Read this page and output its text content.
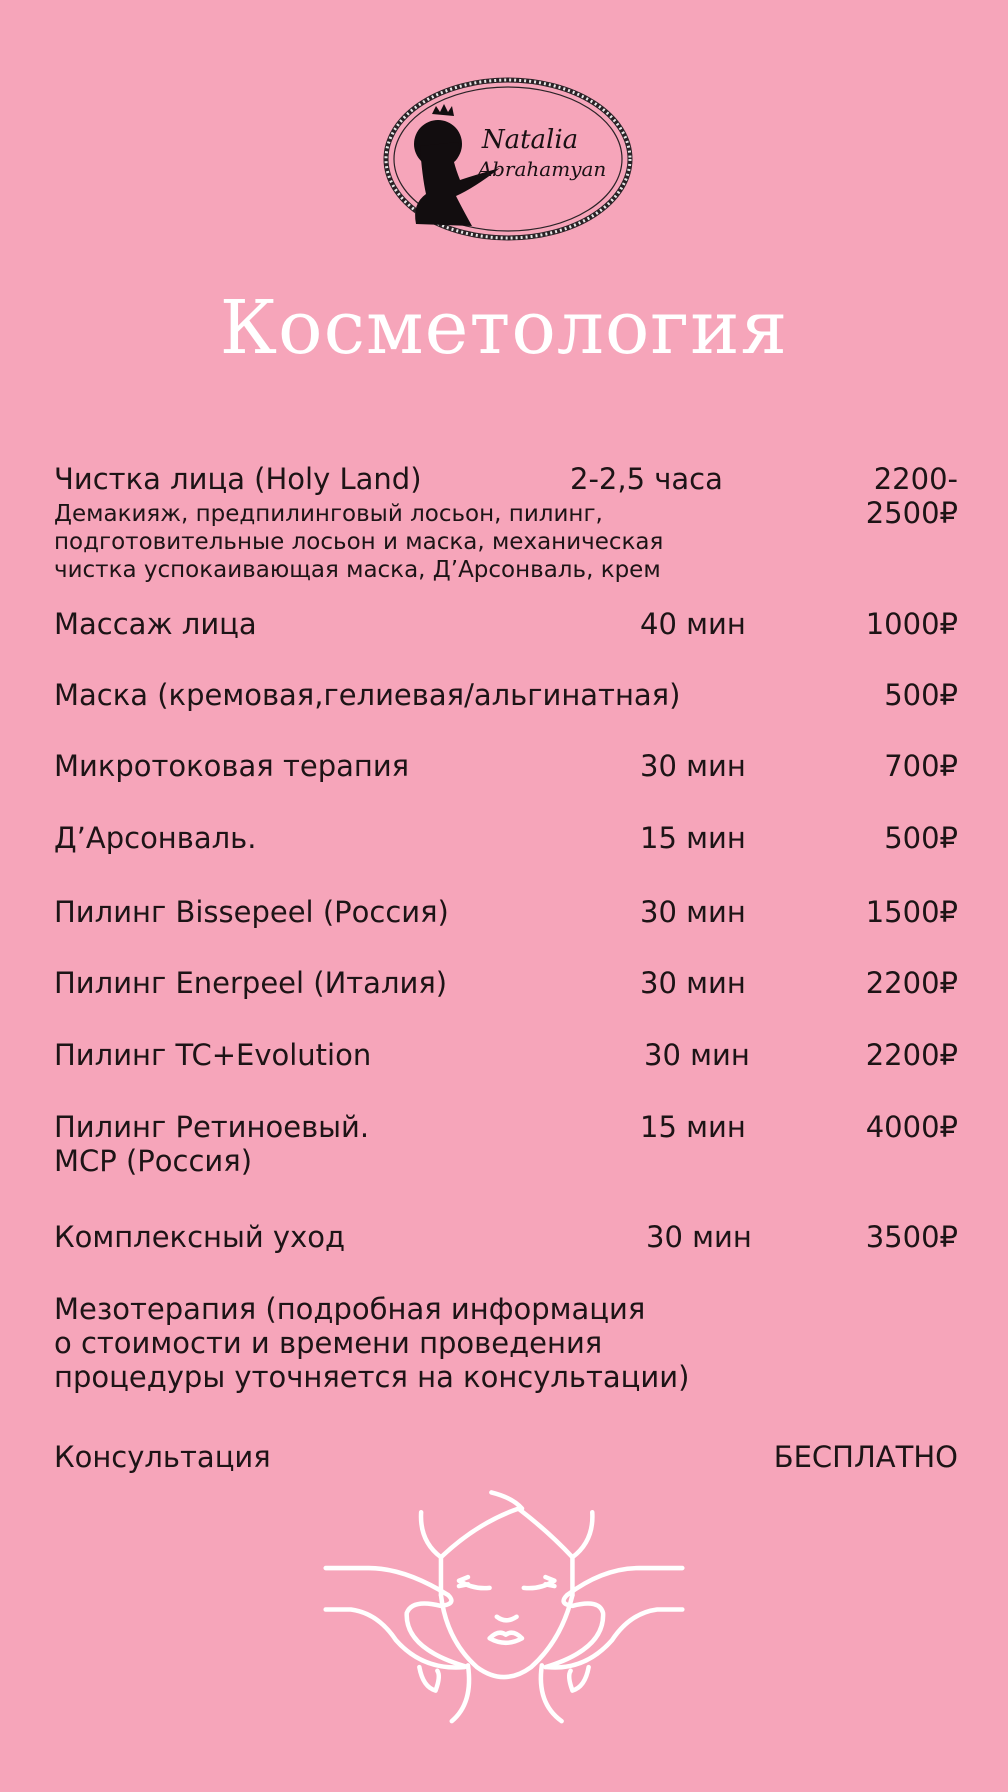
Natalia
Abrahamyan
Косметология
Чистка лица (Holy Land)	2-2,5 часа	2200-
2500₽
Демакияж, предпилинговый лосьон, пилинг,
подготовительные лосьон и маска, механическая
чистка успокаивающая маска, Д’Арсонваль, крем
Массаж лица	40 мин	1000₽
Маска (кремовая,гелиевая/альгинатная)	500₽
Микротоковая терапия	30 мин	700₽
Д’Арсонваль.	15 мин	500₽
Пилинг Bissepeel (Россия)	30 мин	1500₽
Пилинг Enerpeel (Италия)	30 мин	2200₽
Пилинг TC+Evolution	30 мин	2200₽
Пилинг Ретиноевый.
MCP (Россия)
15 мин	4000₽
Комплексный уход	30 мин	3500₽
Мезотерапия (подробная информация
о стоимости и времени проведения
процедуры уточняется на консультации)
Консультация	БЕСПЛАТНО
